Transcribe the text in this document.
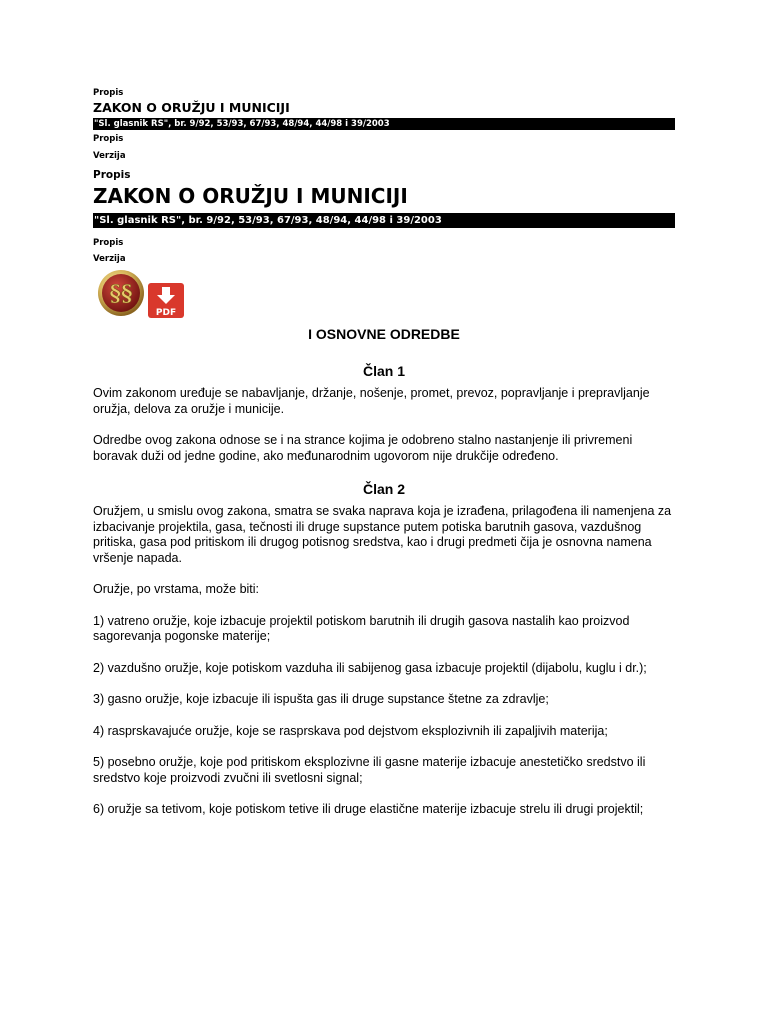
Propis

ZAKON O ORUŽJU I MUNICIJI

"Sl. glasnik RS", br. 9/92, 53/93, 67/93, 48/94, 44/98 i 39/2003

Propis

Verzija

Propis

ZAKON O ORUŽJU I MUNICIJI

"Sl. glasnik RS", br. 9/92, 53/93, 67/93, 48/94, 44/98 i 39/2003

Propis

Verzija

§§
PDF
I OSNOVNE ODREDBE
Član 1

Ovim zakonom uređuje se nabavljanje, držanje, nošenje, promet, prevoz, popravljanje i prepravljanje oružja, delova za oružje i municije.

Odredbe ovog zakona odnose se i na strance kojima je odobreno stalno nastanjenje ili privremeni boravak duži od jedne godine, ako međunarodnim ugovorom nije drukčije određeno.

Član 2

Oružjem, u smislu ovog zakona, smatra se svaka naprava koja je izrađena, prilagođena ili namenjena za izbacivanje projektila, gasa, tečnosti ili druge supstance putem potiska barutnih gasova, vazdušnog pritiska, gasa pod pritiskom ili drugog potisnog sredstva, kao i drugi predmeti čija je osnovna namena vršenje napada.

Oružje, po vrstama, može biti:

1) vatreno oružje, koje izbacuje projektil potiskom barutnih ili drugih gasova nastalih kao proizvod sagorevanja pogonske materije;

2) vazdušno oružje, koje potiskom vazduha ili sabijenog gasa izbacuje projektil (dijabolu, kuglu i dr.);

3) gasno oružje, koje izbacuje ili ispušta gas ili druge supstance štetne za zdravlje;

4) rasprskavajuće oružje, koje se rasprskava pod dejstvom eksplozivnih ili zapaljivih materija;

5) posebno oružje, koje pod pritiskom eksplozivne ili gasne materije izbacuje anestetičko sredstvo ili sredstvo koje proizvodi zvučni ili svetlosni signal;

6) oružje sa tetivom, koje potiskom tetive ili druge elastične materije izbacuje strelu ili drugi projektil;
